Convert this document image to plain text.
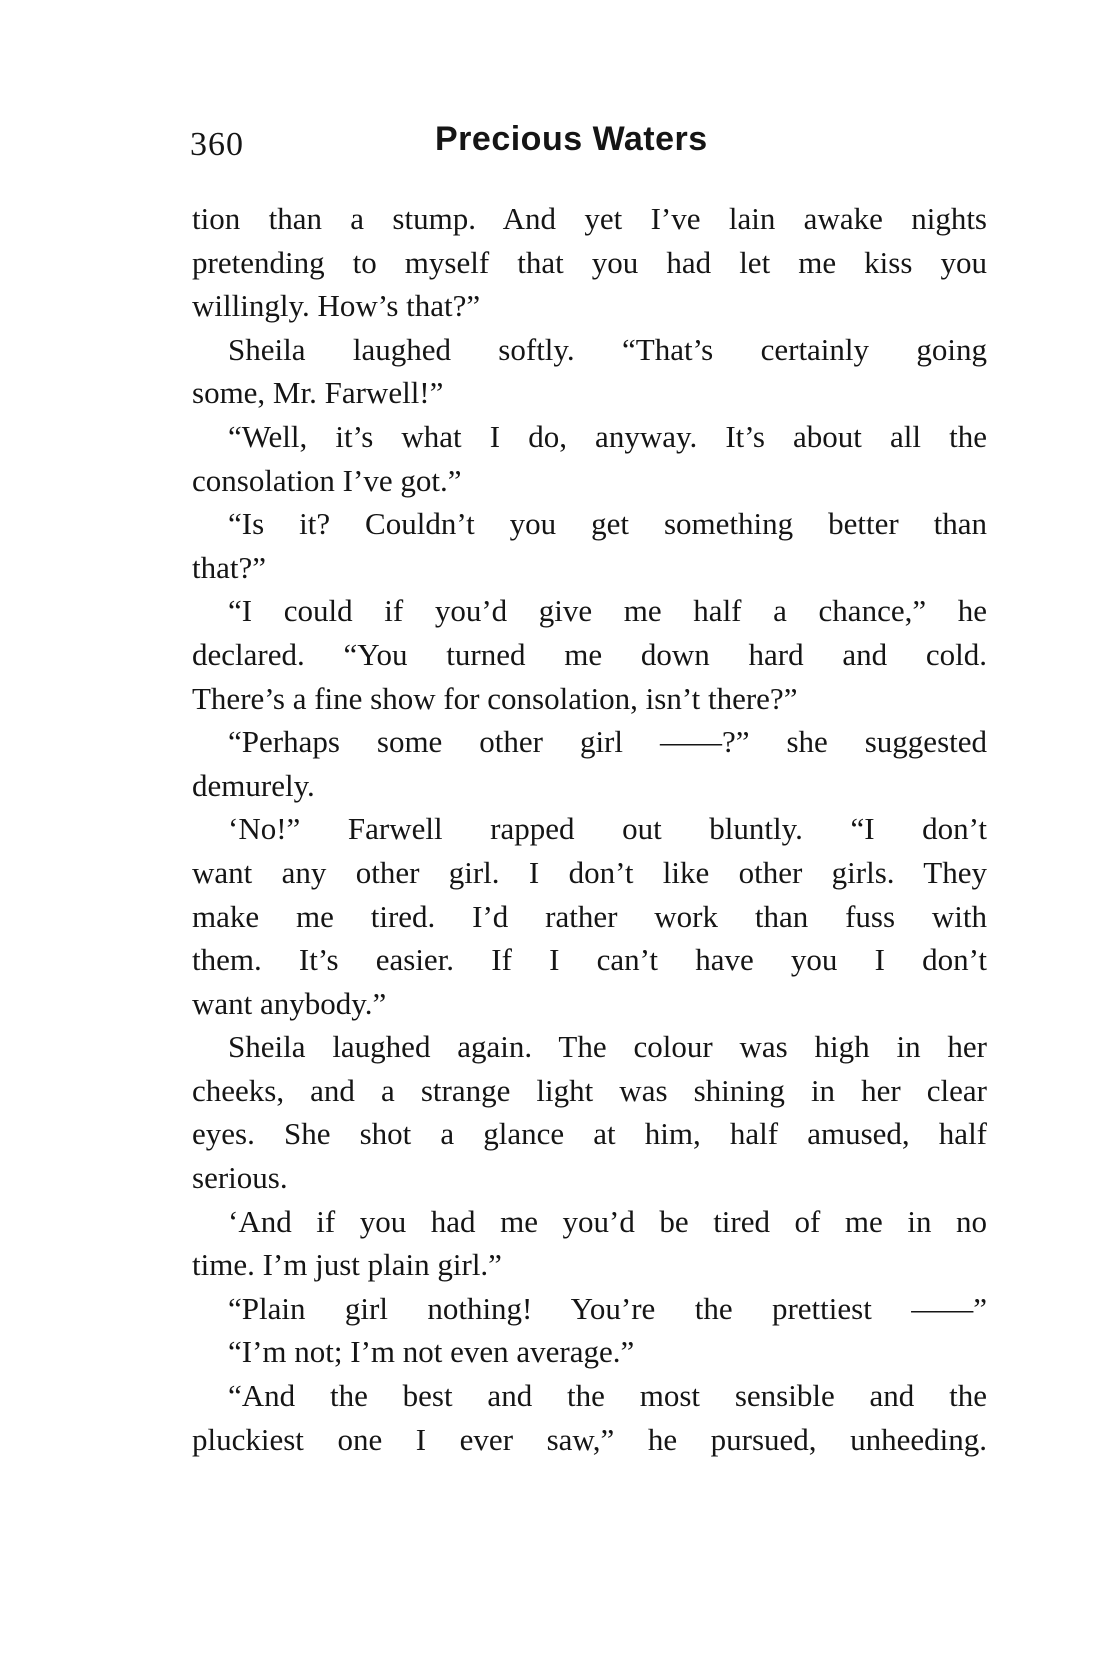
360	Precious Waters
tion than a stump. And yet I’ve lain awake nights
pretending to myself that you had let me kiss you
willingly. How’s that?”
Sheila laughed softly. “That’s certainly going
some, Mr. Farwell!”
“Well, it’s what I do, anyway. It’s about all the
consolation I’ve got.”
“Is it? Couldn’t you get something better than
that?”
“I could if you’d give me half a chance,” he
declared. “You turned me down hard and cold.
There’s a fine show for consolation, isn’t there?”
“Perhaps some other girl ——?” she suggested
demurely.
‘No!” Farwell rapped out bluntly. “I don’t
want any other girl. I don’t like other girls. They
make me tired. I’d rather work than fuss with
them. It’s easier. If I can’t have you I don’t
want anybody.”
Sheila laughed again. The colour was high in her
cheeks, and a strange light was shining in her clear
eyes. She shot a glance at him, half amused, half
serious.
‘And if you had me you’d be tired of me in no
time. I’m just plain girl.”
“Plain girl nothing! You’re the prettiest ——”
“I’m not; I’m not even average.”
“And the best and the most sensible and the
pluckiest one I ever saw,” he pursued, unheeding.
